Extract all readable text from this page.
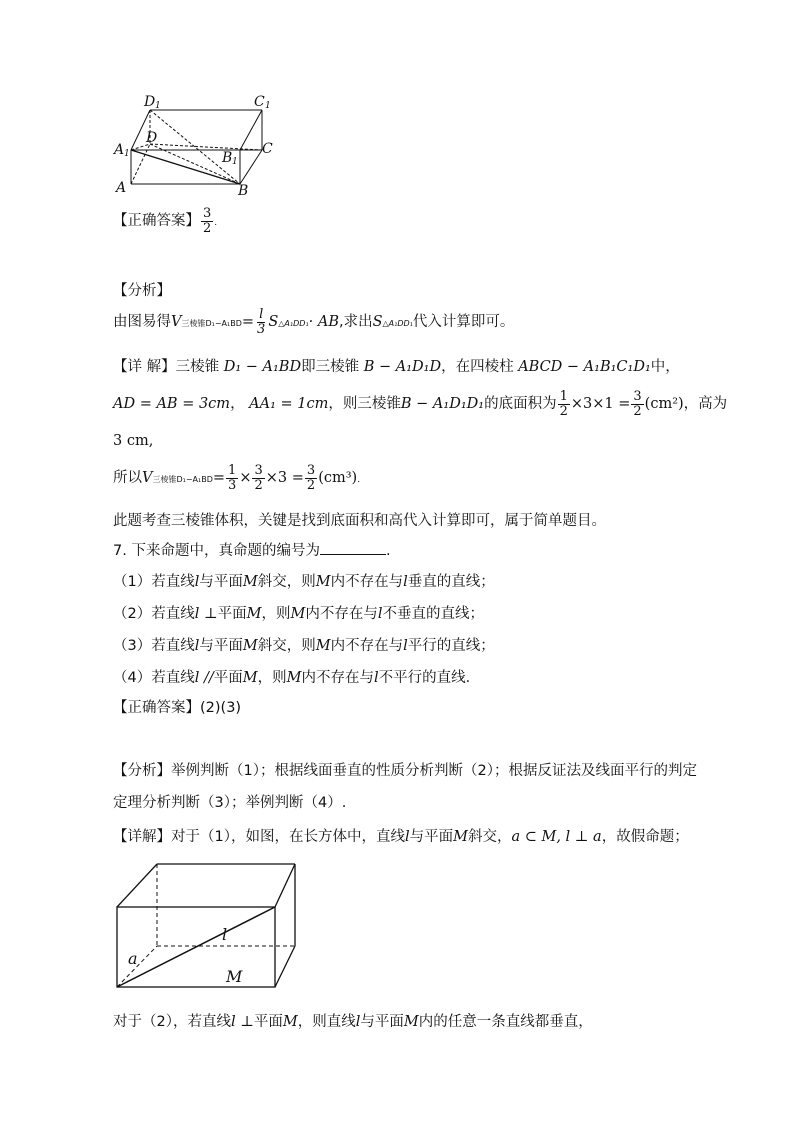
D 1	C 1
A 1
D
B 1
C
A	B
【正确答案】 $\frac{3}{2}$ .
【分析】
由图易得V三棱锥$D_1-A_1BD= \frac{l}{3}$ S△A₁DD₁· AB,求出S△A₁DD₁代入计算即可。
【详 解】三棱锥 D₁ − A₁BD即三棱锥 B − A₁D₁D，在四棱柱 ABCD − A₁B₁C₁D₁中，
AD = AB = 3cm， AA₁ = 1cm，则三棱锥B − A₁D₁D₁的底面积为 $\frac{1}{2} \times 3\times 1 = \frac{3}{2} (cm^2)$，高为
3 cm,
所以V三棱锥$D_1-A_1BD= \frac{1}{3} \times \frac{3}{2} \times 3 = \frac{3}{2} (cm^3)$.
此题考查三棱锥体积，关键是找到底面积和高代入计算即可，属于简单题目。
7. 下来命题中，真命题的编号为	.
（1）若直线l与平面M斜交，则M内不存在与l垂直的直线；
（2）若直线l ⊥平面M，则M内不存在与l不垂直的直线；
（3）若直线l与平面M斜交，则M内不存在与l平行的直线；
（4）若直线l //平面M，则M内不存在与l不平行的直线．
【正确答案】(2)(3)
【分析】举例判断（1）；根据线面垂直的性质分析判断（2）；根据反证法及线面平行的判定
定理分析判断（3）；举例判断（4）.
【详解】对于（1），如图，在长方体中，直线l与平面M斜交，a ⊂ M, l ⊥ a，故假命题；
l
a
M
对于（2），若直线l ⊥平面M，则直线l与平面M内的任意一条直线都垂直，
